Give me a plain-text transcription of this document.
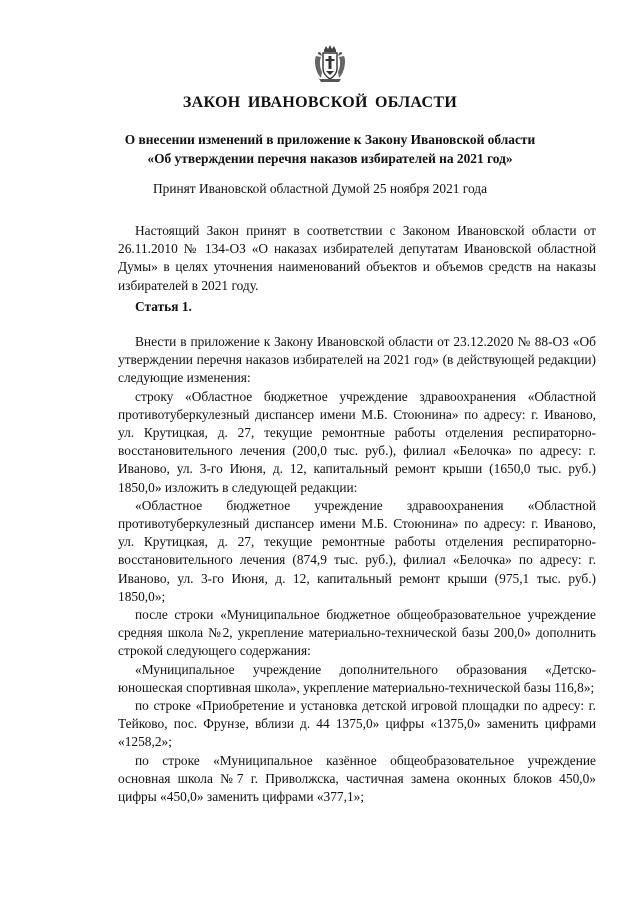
ЗАКОН ИВАНОВСКОЙ ОБЛАСТИ
О внесении изменений в приложение к Закону Ивановской области
«Об утверждении перечня наказов избирателей на 2021 год»
Принят Ивановской областной Думой 25 ноября 2021 года

Настоящий Закон принят в соответствии с Законом Ивановской области от 26.11.2010 № 134-ОЗ «О наказах избирателей депутатам Ивановской областной Думы» в целях уточнения наименований объектов и объемов средств на наказы избирателей в 2021 году.

Статья 1.

Внести в приложение к Закону Ивановской области от 23.12.2020 № 88-ОЗ «Об утверждении перечня наказов избирателей на 2021 год» (в действующей редакции) следующие изменения:

строку «Областное бюджетное учреждение здравоохранения «Областной противотуберкулезный диспансер имени М.Б. Стоюнина» по адресу: г. Иваново, ул. Крутицкая, д. 27, текущие ремонтные работы отделения респираторно-восстановительного лечения (200,0 тыс. руб.), филиал «Белочка» по адресу: г. Иваново, ул. 3-го Июня, д. 12, капитальный ремонт крыши (1650,0 тыс. руб.) 1850,0» изложить в следующей редакции:

«Областное бюджетное учреждение здравоохранения «Областной противотуберкулезный диспансер имени М.Б. Стоюнина» по адресу: г. Иваново, ул. Крутицкая, д. 27, текущие ремонтные работы отделения респираторно-восстановительного лечения (874,9 тыс. руб.), филиал «Белочка» по адресу: г. Иваново, ул. 3-го Июня, д. 12, капитальный ремонт крыши (975,1 тыс. руб.) 1850,0»;

после строки «Муниципальное бюджетное общеобразовательное учреждение средняя школа №2, укрепление материально-технической базы 200,0» дополнить строкой следующего содержания:

«Муниципальное учреждение дополнительного образования «Детско-юношеская спортивная школа», укрепление материально-технической базы 116,8»;

по строке «Приобретение и установка детской игровой площадки по адресу: г. Тейково, пос. Фрунзе, вблизи д. 44 1375,0» цифры «1375,0» заменить цифрами «1258,2»;

по строке «Муниципальное казённое общеобразовательное учреждение основная школа №7 г. Приволжска, частичная замена оконных блоков 450,0» цифры «450,0» заменить цифрами «377,1»;
